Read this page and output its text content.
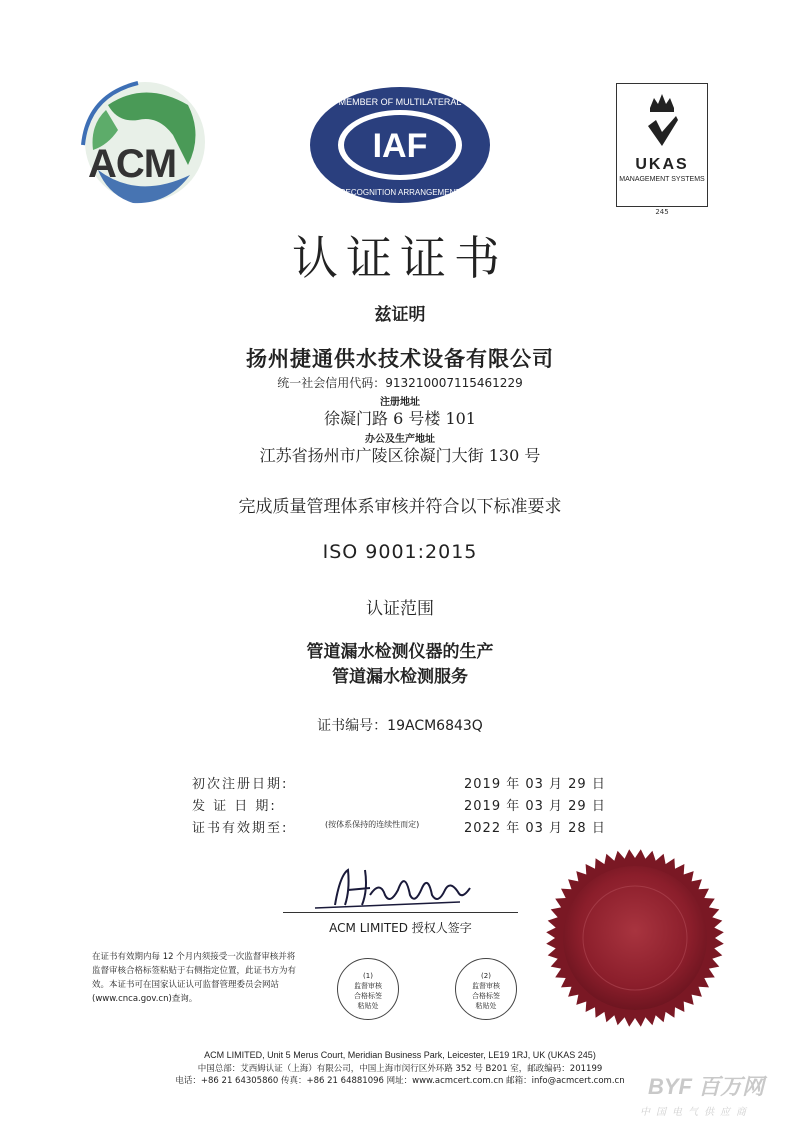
ACM	IAF
MEMBER OF MULTILATERAL
RECOGNITION ARRANGEMENT
UKAS
MANAGEMENT SYSTEMS
245
认证证书
兹证明
扬州捷通供水技术设备有限公司
统一社会信用代码：913210007115461229
注册地址
徐凝门路 6 号楼 101
办公及生产地址
江苏省扬州市广陵区徐凝门大街 130 号
完成质量管理体系审核并符合以下标准要求
ISO 9001:2015
认证范围
管道漏水检测仪器的生产
管道漏水检测服务
证书编号：19ACM6843Q
初次注册日期:	2019 年 03 月 29 日
发 证 日 期:	2019 年 03 月 29 日
证书有效期至:	(按体系保持的连续性而定)	2022 年 03 月 28 日
ACM LIMITED 授权人签字
在证书有效期内每 12 个月内须接受一次监督审核并将监督审核合格标签粘贴于右侧指定位置，此证书方为有效。本证书可在国家认证认可监督管理委员会网站(www.cnca.gov.cn)查询。
(1)
监督审核
合格标签
粘贴处
(2)
监督审核
合格标签
粘贴处
ACM LIMITED, Unit 5 Merus Court, Meridian Business Park, Leicester, LE19 1RJ, UK (UKAS 245)
中国总部：艾西姆认证（上海）有限公司，中国上海市闵行区外环路 352 号 B201 室，邮政编码：201199
电话：+86 21 64305860 传真：+86 21 64881096 网址：www.acmcert.com.cn 邮箱：info@acmcert.com.cn	BYF 百万网
中国电气供应商
